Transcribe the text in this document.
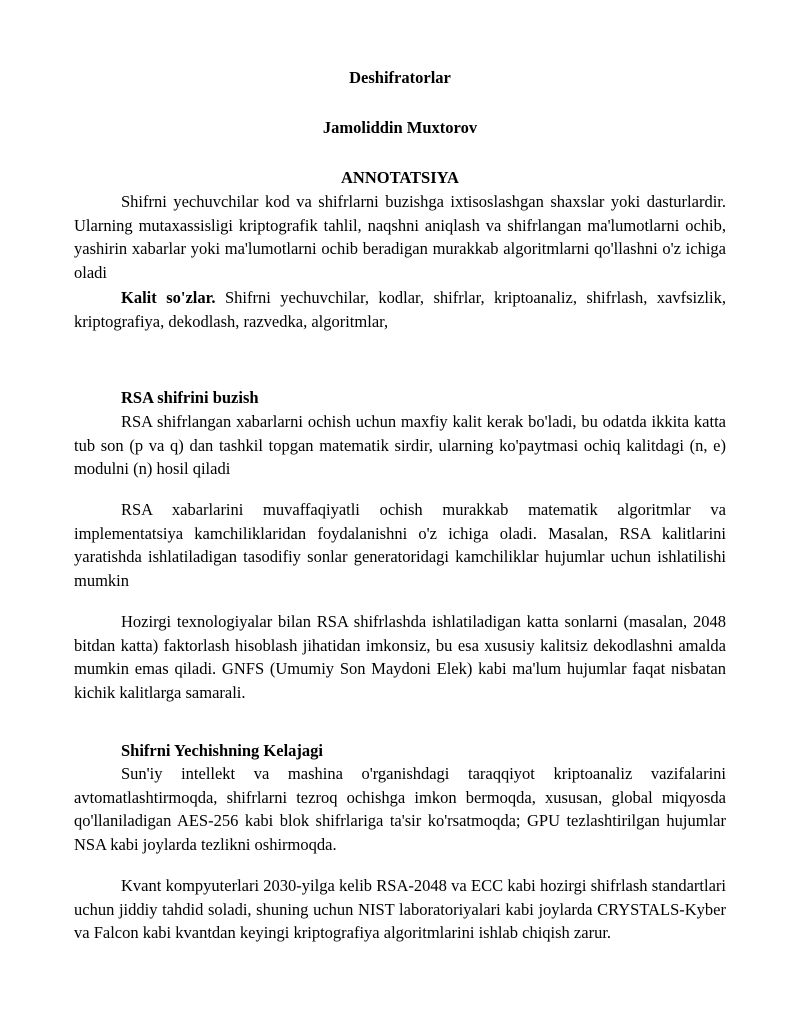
Deshifratorlar
Jamoliddin Muxtorov
ANNOTATSIYA

Shifrni yechuvchilar kod va shifrlarni buzishga ixtisoslashgan shaxslar yoki dasturlardir. Ularning mutaxassisligi kriptografik tahlil, naqshni aniqlash va shifrlangan ma'lumotlarni ochib, yashirin xabarlar yoki ma'lumotlarni ochib beradigan murakkab algoritmlarni qo'llashni o'z ichiga oladi

Kalit so'zlar. Shifrni yechuvchilar, kodlar, shifrlar, kriptoanaliz, shifrlash, xavfsizlik, kriptografiya, dekodlash, razvedka, algoritmlar,

RSA shifrini buzish

RSA shifrlangan xabarlarni ochish uchun maxfiy kalit kerak bo'ladi, bu odatda ikkita katta tub son (p va q) dan tashkil topgan matematik sirdir, ularning ko'paytmasi ochiq kalitdagi (n, e) modulni (n) hosil qiladi

RSA xabarlarini muvaffaqiyatli ochish murakkab matematik algoritmlar va implementatsiya kamchiliklaridan foydalanishni o'z ichiga oladi. Masalan, RSA kalitlarini yaratishda ishlatiladigan tasodifiy sonlar generatoridagi kamchiliklar hujumlar uchun ishlatilishi mumkin

Hozirgi texnologiyalar bilan RSA shifrlashda ishlatiladigan katta sonlarni (masalan, 2048 bitdan katta) faktorlash hisoblash jihatidan imkonsiz, bu esa xususiy kalitsiz dekodlashni amalda mumkin emas qiladi. GNFS (Umumiy Son Maydoni Elek) kabi ma'lum hujumlar faqat nisbatan kichik kalitlarga samarali.

Shifrni Yechishning Kelajagi

Sun'iy intellekt va mashina o'rganishdagi taraqqiyot kriptoanaliz vazifalarini avtomatlashtirmoqda, shifrlarni tezroq ochishga imkon bermoqda, xususan, global miqyosda qo'llaniladigan AES-256 kabi blok shifrlariga ta'sir ko'rsatmoqda; GPU tezlashtirilgan hujumlar NSA kabi joylarda tezlikni oshirmoqda.

Kvant kompyuterlari 2030-yilga kelib RSA-2048 va ECC kabi hozirgi shifrlash standartlari uchun jiddiy tahdid soladi, shuning uchun NIST laboratoriyalari kabi joylarda CRYSTALS-Kyber va Falcon kabi kvantdan keyingi kriptografiya algoritmlarini ishlab chiqish zarur.
